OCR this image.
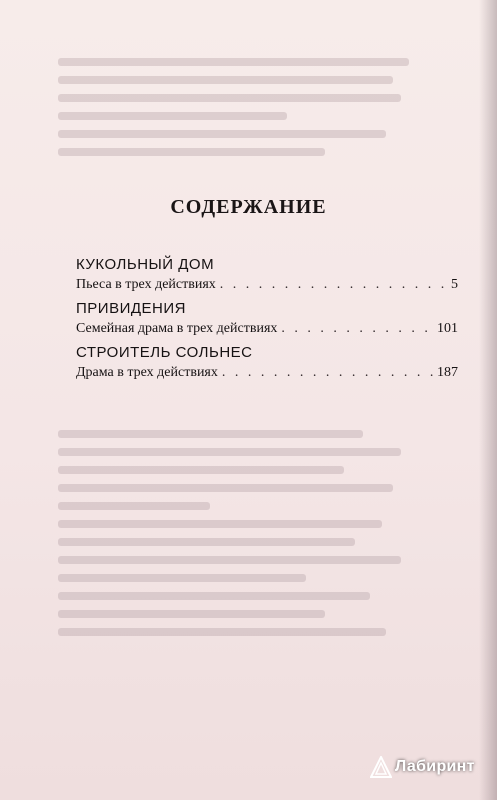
СОДЕРЖАНИЕ
КУКОЛЬНЫЙ ДОМ
Пьеса в трех действиях . . .	5
ПРИВИДЕНИЯ
Семейная драма в трех действиях . . .	101
СТРОИТЕЛЬ СОЛЬНЕС
Драма в трех действиях . . .	187
Лабиринт
